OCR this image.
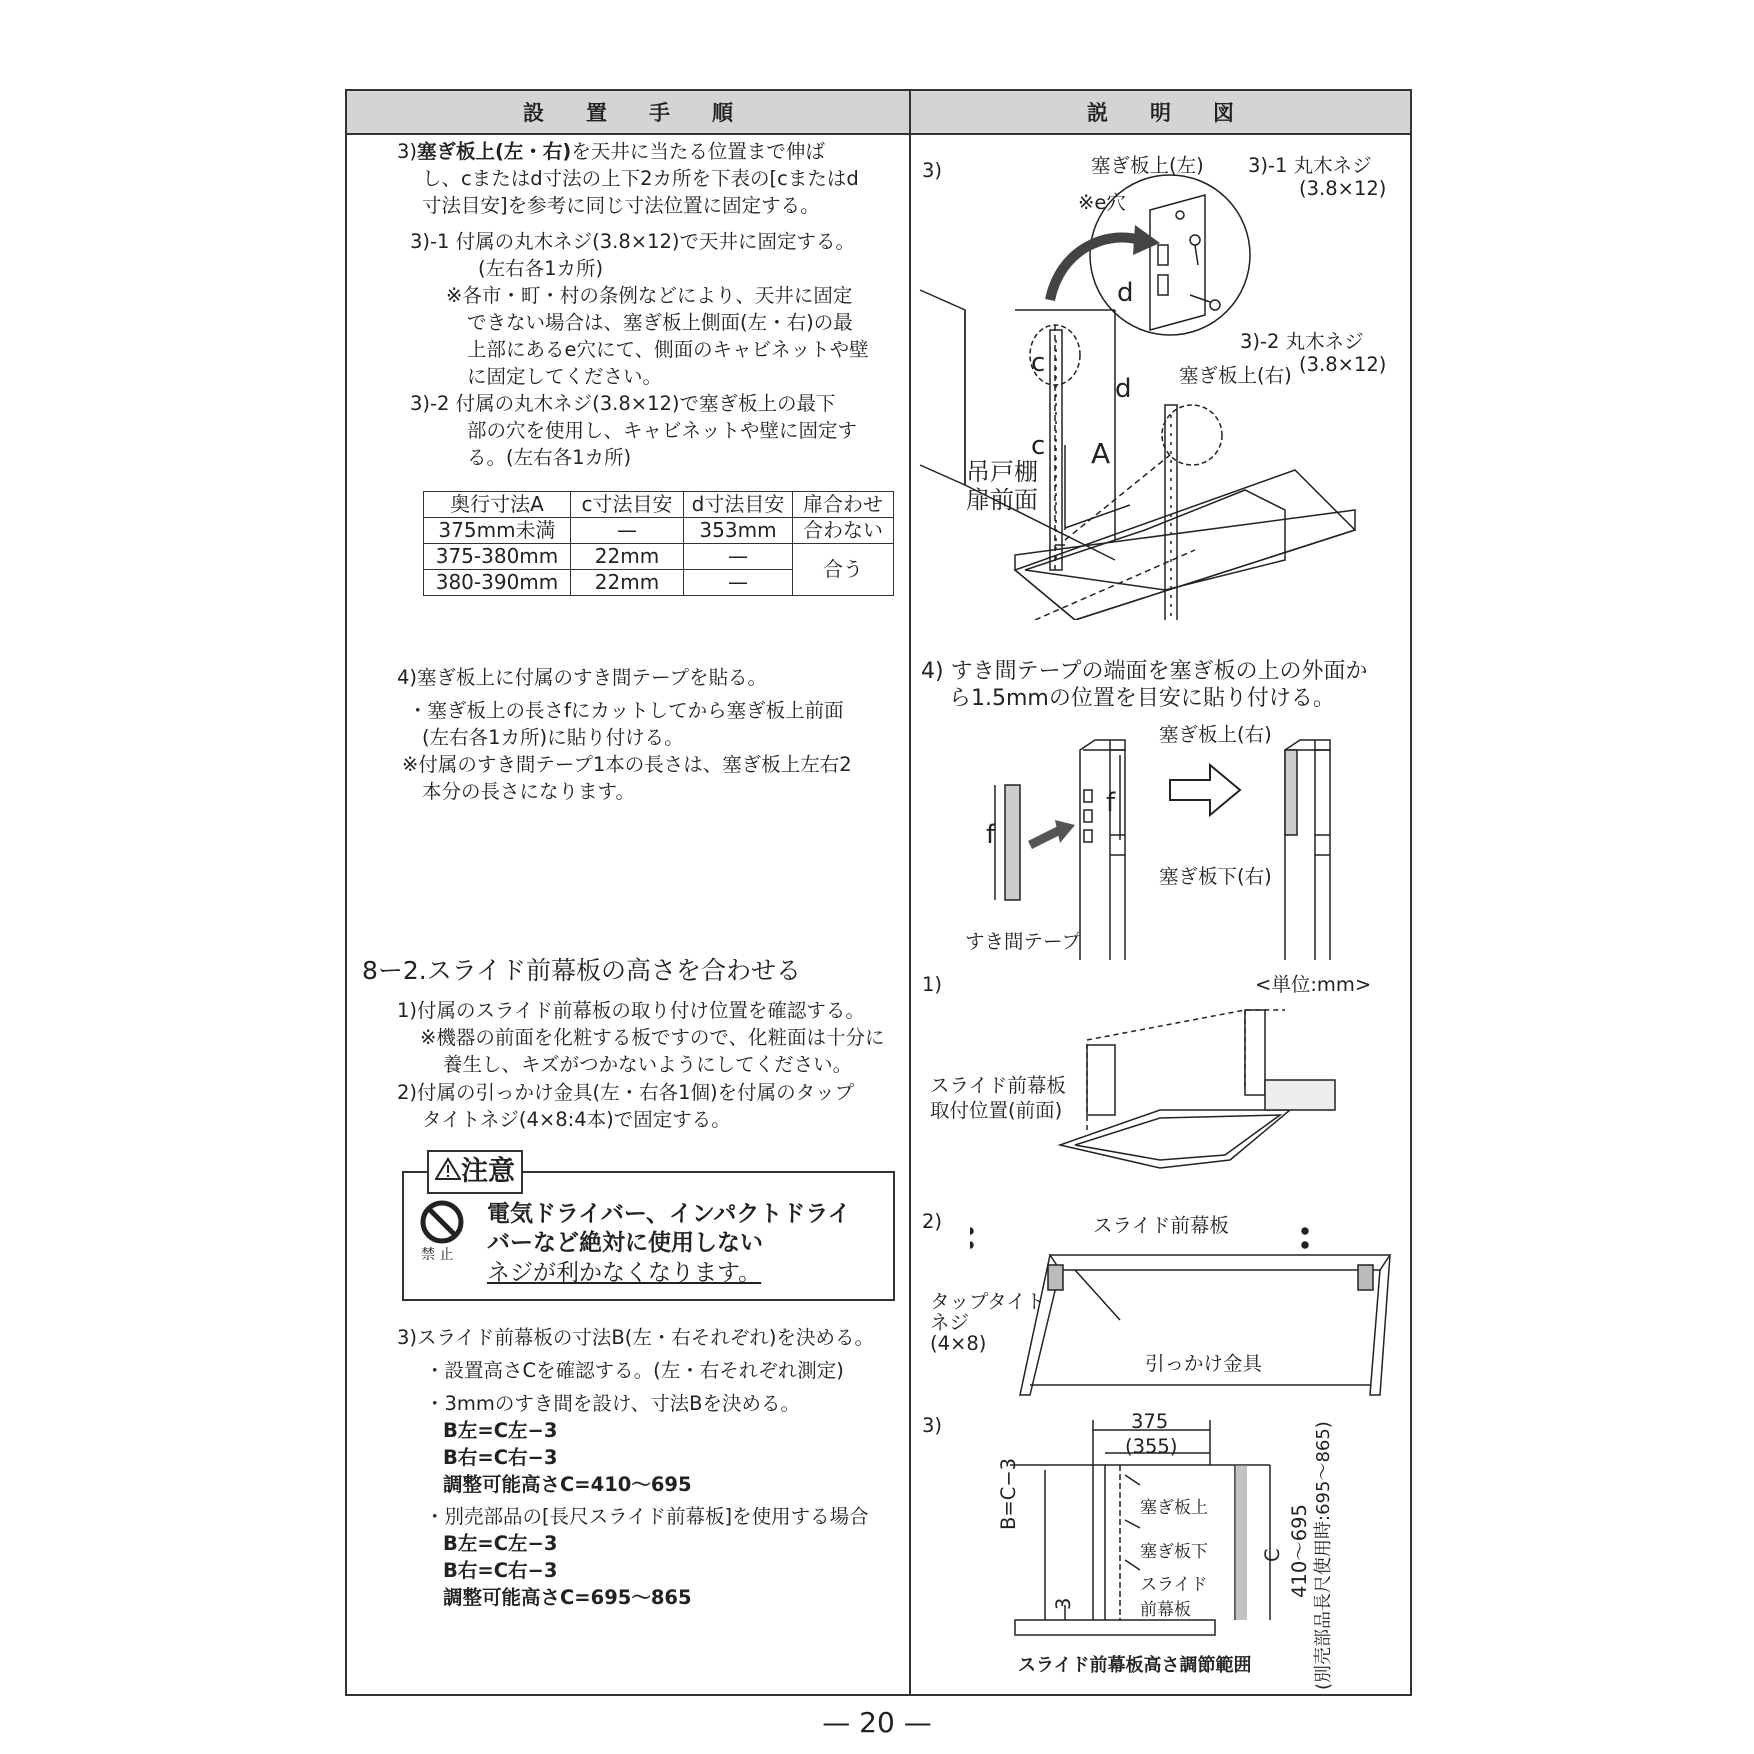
設　　置　　手　　順	説　　明　　図
3)塞ぎ板上(左・右)を天井に当たる位置まで伸ば
し、cまたはd寸法の上下2カ所を下表の[cまたはd
寸法目安]を参考に同じ寸法位置に固定する。
3)-1 付属の丸木ネジ(3.8×12)で天井に固定する。
(左右各1カ所)
※各市・町・村の条例などにより、天井に固定
できない場合は、塞ぎ板上側面(左・右)の最
上部にあるe穴にて、側面のキャビネットや壁
に固定してください。
3)-2 付属の丸木ネジ(3.8×12)で塞ぎ板上の最下
部の穴を使用し、キャビネットや壁に固定す
る。(左右各1カ所)
奥行寸法A	c寸法目安	d寸法目安	扉合わせ
375mm未満	—	353mm	合わない
375-380mm	22mm	—	合う
380-390mm	22mm	—	
4)塞ぎ板上に付属のすき間テープを貼る。
・塞ぎ板上の長さfにカットしてから塞ぎ板上前面
(左右各1カ所)に貼り付ける。
※付属のすき間テープ1本の長さは、塞ぎ板上左右2
本分の長さになります。
8ー2.スライド前幕板の高さを合わせる
1)付属のスライド前幕板の取り付け位置を確認する。
※機器の前面を化粧する板ですので、化粧面は十分に
養生し、キズがつかないようにしてください。
2)付属の引っかけ金具(左・右各1個)を付属のタップ
タイトネジ(4×8:4本)で固定する。
注意
禁 止
電気ドライバー、インパクトドライ
バーなど絶対に使用しない
ネジが利かなくなります。
3)スライド前幕板の寸法B(左・右それぞれ)を決める。
・設置高さCを確認する。(左・右それぞれ測定)
・3mmのすき間を設け、寸法Bを決める。
B左=C左−3
B右=C右−3
調整可能高さC=410〜695
・別売部品の[長尺スライド前幕板]を使用する場合
B左=C左−3
B右=C右−3
調整可能高さC=695〜865
3)	塞ぎ板上(左) 3)-1 丸木ネジ
(3.8×12)
※e穴
3)-2 丸木ネジ
(3.8×12)
塞ぎ板上(右)
吊戸棚
扉前面
d
d
c
c A
4) すき間テープの端面を塞ぎ板の上の外面か
ら1.5mmの位置を目安に貼り付ける。
塞ぎ板上(右)
塞ぎ板下(右)
すき間テープ
f
f
1)	<単位:mm>
スライド前幕板
取付位置(前面)
2)	スライド前幕板
タップタイト
ネジ
(4×8)
引っかけ金具
3)	375
(355)
塞ぎ板上
塞ぎ板下
スライド
前幕板
B=C−3
3
C 410〜695 (別売部品長尺使用時:695〜865)
スライド前幕板高さ調節範囲
— 20 —
